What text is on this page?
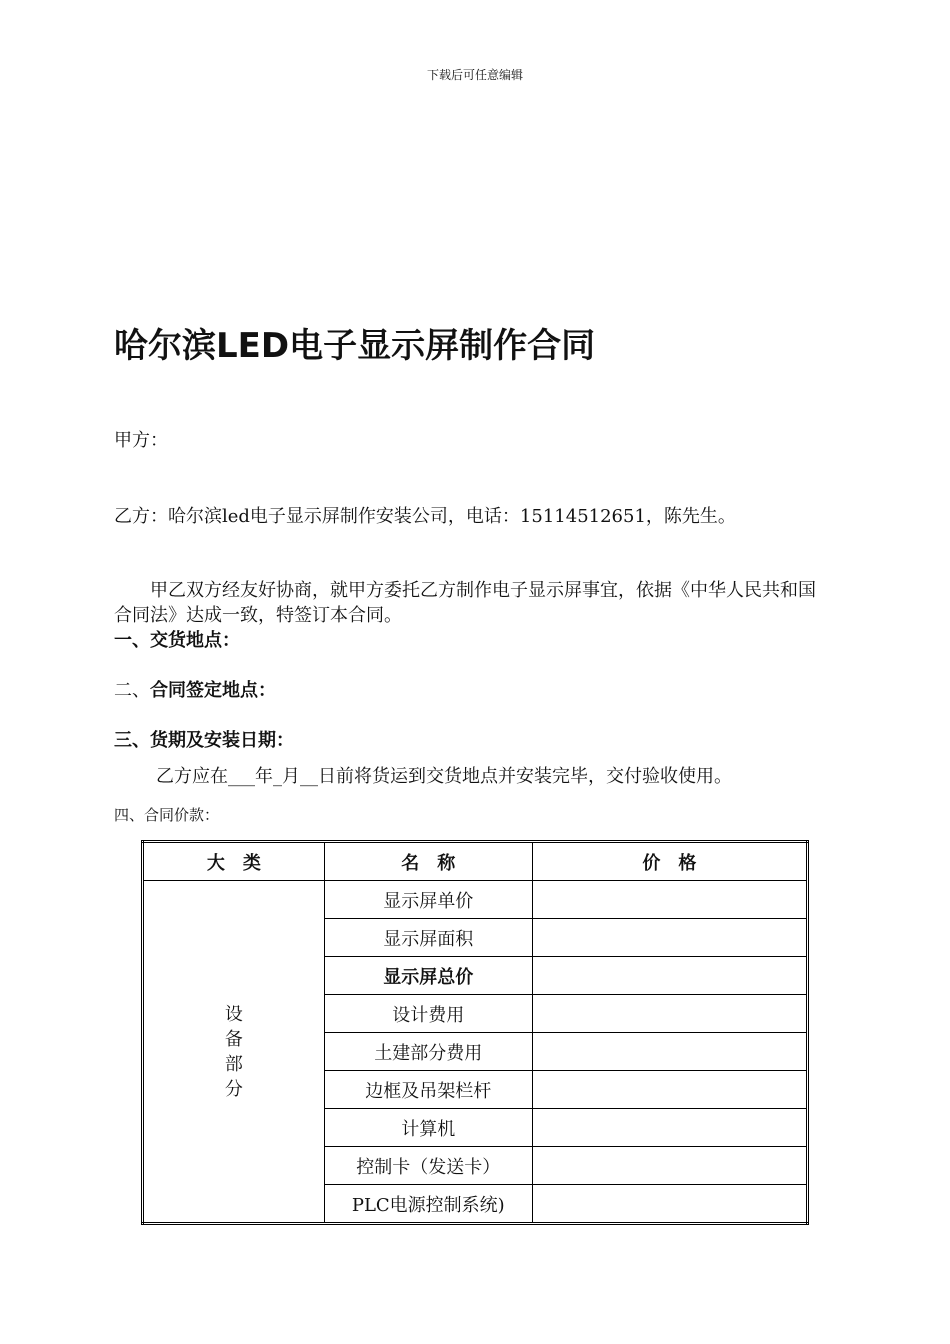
下载后可任意编辑
哈尔滨LED电子显示屏制作合同
甲方：
乙方：哈尔滨led电子显示屏制作安装公司，电话：15114512651，陈先生。
甲乙双方经友好协商，就甲方委托乙方制作电子显示屏事宜，依据《中华人民共和国合同法》达成一致，特签订本合同。
一、交货地点：
二、合同签定地点：
三、货期及安装日期：
乙方应在___年_月__日前将货运到交货地点并安装完毕，交付验收使用。
四、合同价款：
大　类	名　称	价　格

设
备
部
分	显示屏单价	
	显示屏面积	
	显示屏总价	
	设计费用	
	土建部分费用	
	边框及吊架栏杆	
	计算机	
	控制卡（发送卡）	
	PLC电源控制系统)	
